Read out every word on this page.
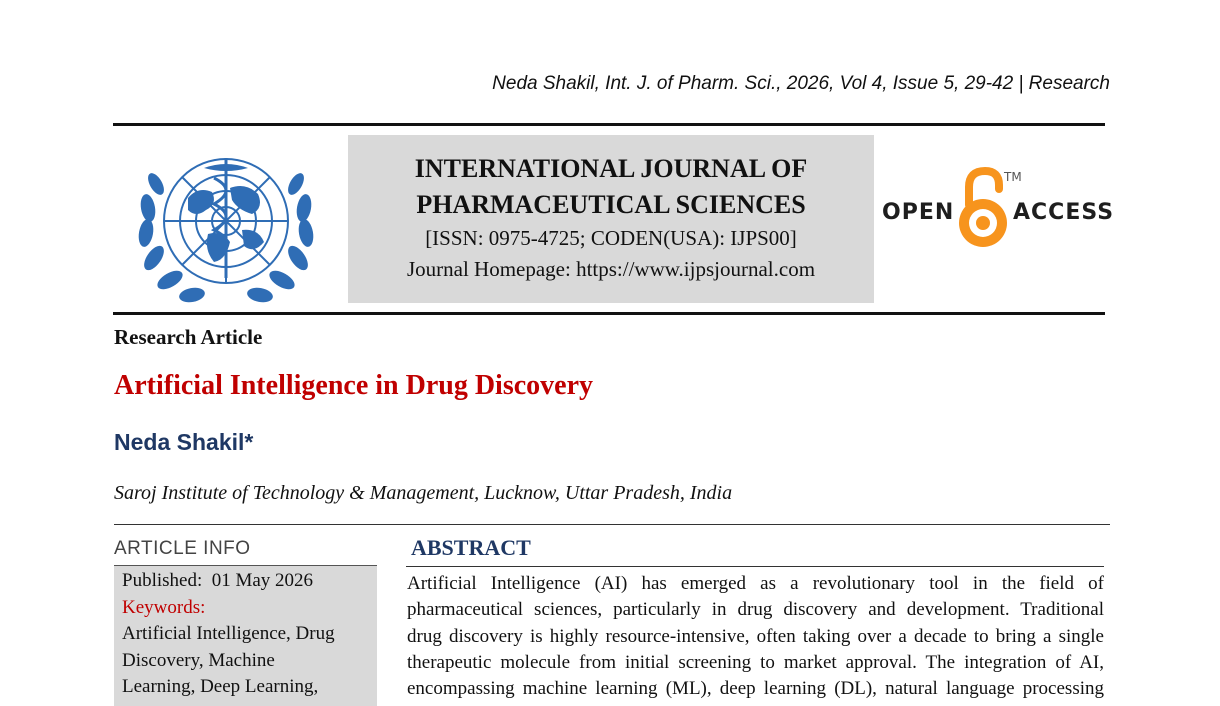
Neda Shakil, Int. J. of Pharm. Sci., 2026, Vol 4, Issue 5, 29-42 | Research
INTERNATIONAL JOURNAL OF
PHARMACEUTICAL SCIENCES
[ISSN: 0975-4725; CODEN(USA): IJPS00]
Journal Homepage: https://www.ijpsjournal.com
OPEN
TM
ACCESS
Research Article
Artificial Intelligence in Drug Discovery
Neda Shakil*
Saroj Institute of Technology & Management, Lucknow, Uttar Pradesh, India
ARTICLE INFO
Published: 01 May 2026
Keywords:
Artificial Intelligence, Drug
Discovery, Machine
Learning, Deep Learning,
ABSTRACT
Artificial Intelligence (AI) has emerged as a revolutionary tool in the field of
pharmaceutical sciences, particularly in drug discovery and development. Traditional
drug discovery is highly resource-intensive, often taking over a decade to bring a single
therapeutic molecule from initial screening to market approval. The integration of AI,
encompassing machine learning (ML), deep learning (DL), natural language processing
